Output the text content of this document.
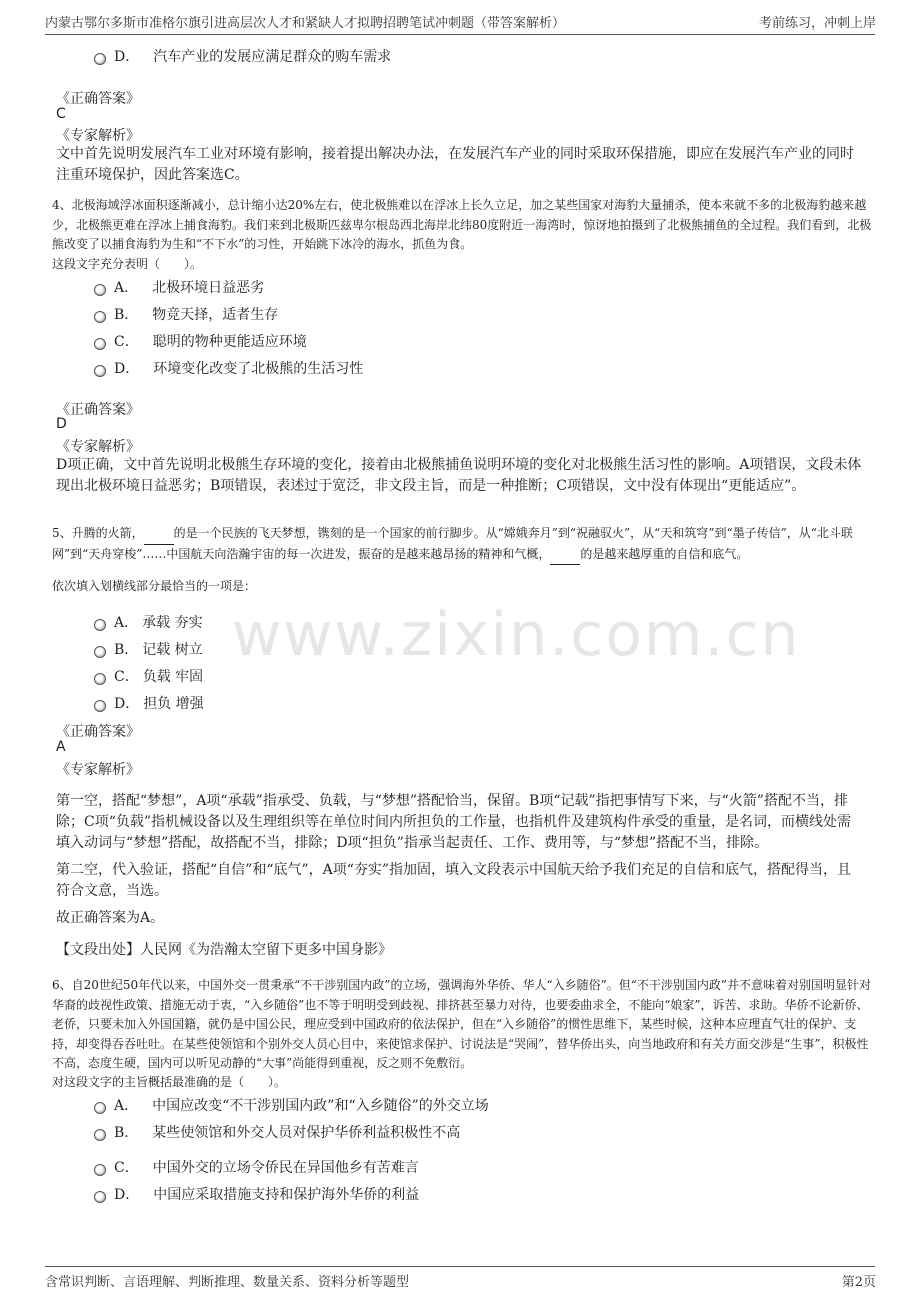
内蒙古鄂尔多斯市准格尔旗引进高层次人才和紧缺人才拟聘招聘笔试冲刺题（带答案解析）	考前练习，冲刺上岸
www.zixin.com.cn
D． 汽车产业的发展应满足群众的购车需求
《正确答案》
C
《专家解析》
文中首先说明发展汽车工业对环境有影响，接着提出解决办法，在发展汽车产业的同时采取环保措施，即应在发展汽车产业的同时注重环境保护，因此答案选C。
4、北极海域浮冰面积逐渐减小，总计缩小达20%左右，使北极熊难以在浮冰上长久立足，加之某些国家对海豹大量捕杀，使本来就不多的北极海豹越来越少，北极熊更难在浮冰上捕食海豹。我们来到北极斯匹兹卑尔根岛西北海岸北纬80度附近一海湾时，惊讶地拍摄到了北极熊捕鱼的全过程。我们看到，北极熊改变了以捕食海豹为生和“不下水”的习性，开始跳下冰冷的海水，抓鱼为食。
这段文字充分表明（　　）。
A． 北极环境日益恶劣
B． 物竞天择，适者生存
C． 聪明的物种更能适应环境
D． 环境变化改变了北极熊的生活习性
《正确答案》
D
《专家解析》
D项正确，文中首先说明北极熊生存环境的变化，接着由北极熊捕鱼说明环境的变化对北极熊生活习性的影响。A项错误，文段未体现出北极环境日益恶劣；B项错误，表述过于宽泛，非文段主旨，而是一种推断；C项错误，文中没有体现出“更能适应”。
5、升腾的火箭，	的是一个民族的飞天梦想，镌刻的是一个国家的前行脚步。从“嫦娥奔月”到“祝融驭火”，从“天和筑穹”到“墨子传信”，从“北斗联网”到“天舟穿梭”……中国航天向浩瀚宇宙的每一次进发，振奋的是越来越昂扬的精神和气概，	的是越来越厚重的自信和底气。
依次填入划横线部分最恰当的一项是：
A． 承载 夯实
B． 记载 树立
C． 负载 牢固
D． 担负 增强
《正确答案》
A
《专家解析》
第一空，搭配“梦想”，A项“承载”指承受、负载，与“梦想”搭配恰当，保留。B项“记载”指把事情写下来，与“火箭”搭配不当，排除；C项“负载”指机械设备以及生理组织等在单位时间内所担负的工作量，也指机件及建筑构件承受的重量，是名词，而横线处需填入动词与“梦想”搭配，故搭配不当，排除；D项“担负”指承当起责任、工作、费用等，与“梦想”搭配不当，排除。
第二空，代入验证，搭配“自信”和“底气”，A项“夯实”指加固，填入文段表示中国航天给予我们充足的自信和底气，搭配得当，且符合文意，当选。
故正确答案为A。
【文段出处】人民网《为浩瀚太空留下更多中国身影》
6、自20世纪50年代以来，中国外交一贯秉承“不干涉别国内政”的立场，强调海外华侨、华人“入乡随俗”。但“不干涉别国内政”并不意味着对别国明显针对华裔的歧视性政策、措施无动于衷，“入乡随俗”也不等于明明受到歧视、排挤甚至暴力对待，也要委曲求全，不能向“娘家”，诉苦、求助。华侨不论新侨、老侨，只要未加入外国国籍，就仍是中国公民，理应受到中国政府的依法保护，但在“入乡随俗”的惯性思维下，某些时候，这种本应理直气壮的保护、支持，却变得吞吞吐吐。在某些使领馆和个别外交人员心目中，来使馆求保护、讨说法是“哭闹”，替华侨出头，向当地政府和有关方面交涉是“生事”，积极性不高，态度生硬，国内可以听见动静的“大事”尚能得到重视，反之则不免敷衍。
对这段文字的主旨概括最准确的是（　　）。
A． 中国应改变“不干涉别国内政”和“入乡随俗”的外交立场
B． 某些使领馆和外交人员对保护华侨利益积极性不高
C． 中国外交的立场令侨民在异国他乡有苦难言
D． 中国应采取措施支持和保护海外华侨的利益
含常识判断、言语理解、判断推理、数量关系、资料分析等题型	第2页
